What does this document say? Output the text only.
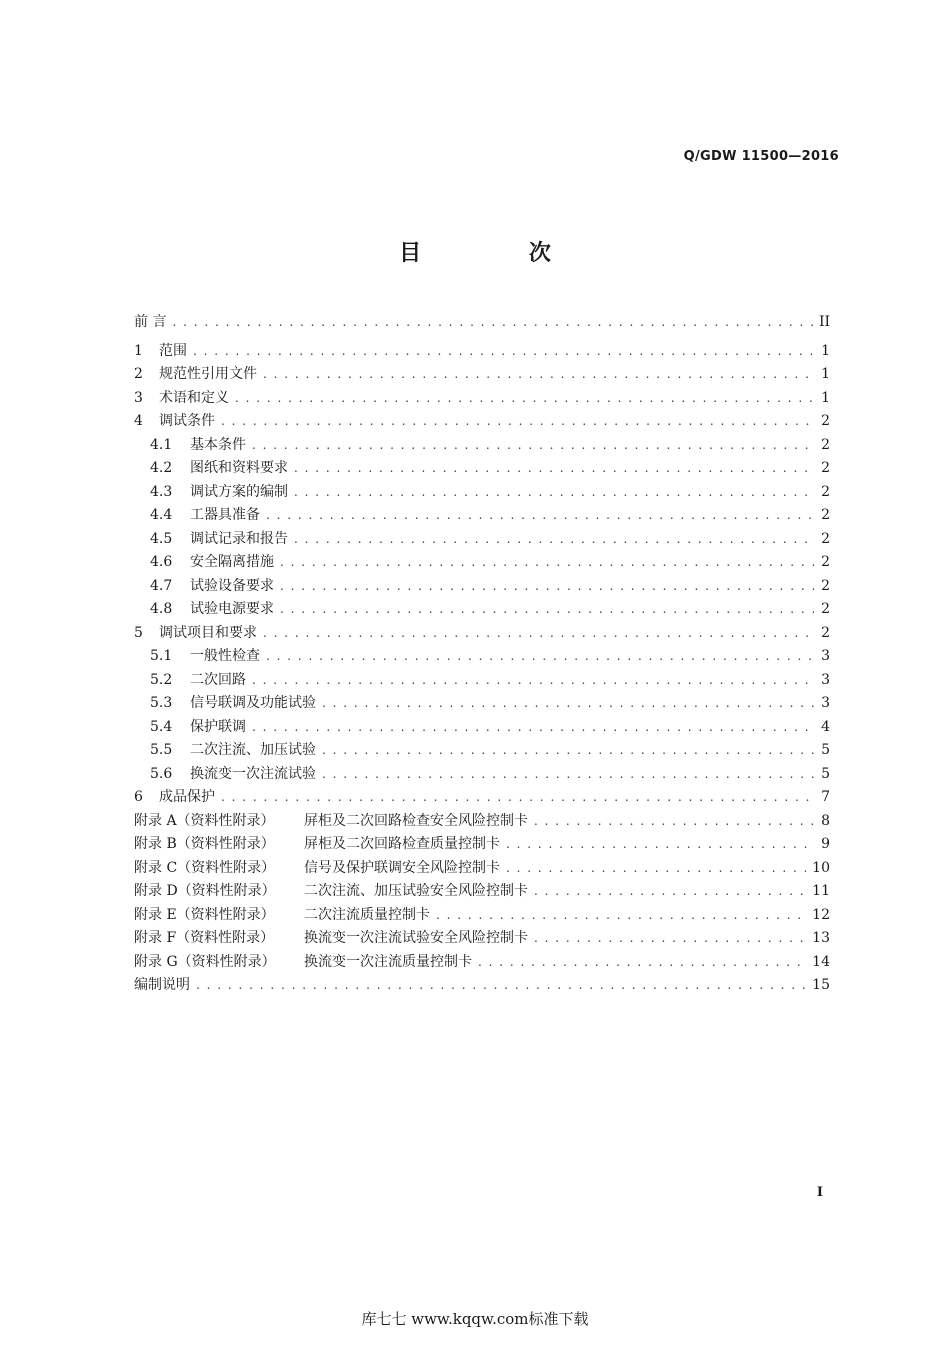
Q/GDW 11500—2016
目 次
前 言 . . .	II
1	范围 . . .	1
2	规范性引用文件 . . .	1
3	术语和定义 . . .	1
4	调试条件 . . .	2
4.1	基本条件 . . .	2
4.2	图纸和资料要求 . . .	2
4.3	调试方案的编制 . . .	2
4.4	工器具准备 . . .	2
4.5	调试记录和报告 . . .	2
4.6	安全隔离措施 . . .	2
4.7	试验设备要求 . . .	2
4.8	试验电源要求 . . .	2
5	调试项目和要求 . . .	2
5.1	一般性检查 . . .	3
5.2	二次回路 . . .	3
5.3	信号联调及功能试验 . . .	3
5.4	保护联调 . . .	4
5.5	二次注流、加压试验 . . .	5
5.6	换流变一次注流试验 . . .	5
6	成品保护 . . .	7
附录 A（资料性附录）	屏柜及二次回路检查安全风险控制卡 . . .	8
附录 B（资料性附录）	屏柜及二次回路检查质量控制卡 . . .	9
附录 C（资料性附录）	信号及保护联调安全风险控制卡 . . .	10
附录 D（资料性附录）	二次注流、加压试验安全风险控制卡 . . .	11
附录 E（资料性附录）	二次注流质量控制卡 . . .	12
附录 F（资料性附录）	换流变一次注流试验安全风险控制卡 . . .	13
附录 G（资料性附录）	换流变一次注流质量控制卡 . . .	14
编制说明 . . .	15
I
库七七 www.kqqw.com标准下载
